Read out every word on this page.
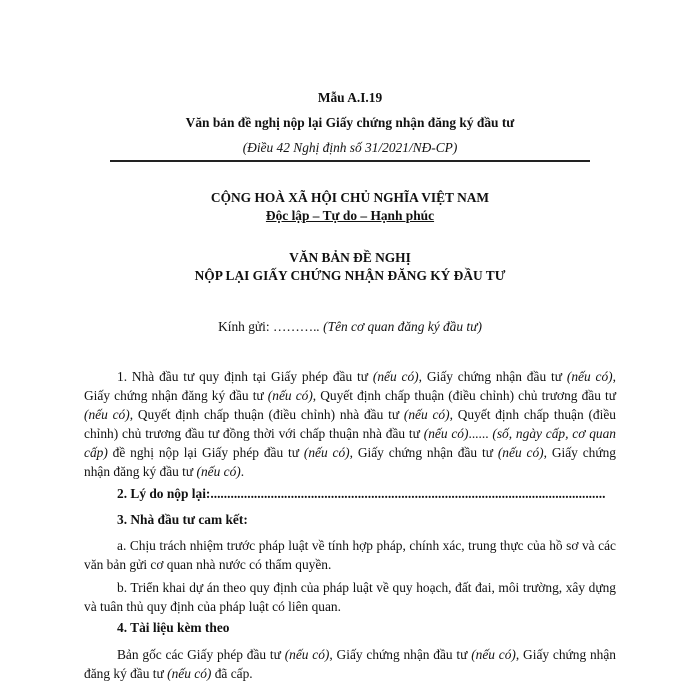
Mẫu A.I.19
Văn bản đề nghị nộp lại Giấy chứng nhận đăng ký đầu tư
(Điều 42 Nghị định số 31/2021/NĐ-CP)
CỘNG HOÀ XÃ HỘI CHỦ NGHĨA VIỆT NAM
Độc lập – Tự do – Hạnh phúc
VĂN BẢN ĐỀ NGHỊ
NỘP LẠI GIẤY CHỨNG NHẬN ĐĂNG KÝ ĐẦU TƯ
Kính gửi: ……….. (Tên cơ quan đăng ký đầu tư)
1. Nhà đầu tư quy định tại Giấy phép đầu tư (nếu có), Giấy chứng nhận đầu tư (nếu có), Giấy chứng nhận đăng ký đầu tư (nếu có), Quyết định chấp thuận (điều chỉnh) chủ trương đầu tư (nếu có), Quyết định chấp thuận (điều chỉnh) nhà đầu tư (nếu có), Quyết định chấp thuận (điều chỉnh) chủ trương đầu tư đồng thời với chấp thuận nhà đầu tư (nếu có)...... (số, ngày cấp, cơ quan cấp) đề nghị nộp lại Giấy phép đầu tư (nếu có), Giấy chứng nhận đầu tư (nếu có), Giấy chứng nhận đăng ký đầu tư (nếu có).
2. Lý do nộp lại:......................................................................................................................
3. Nhà đầu tư cam kết:
a. Chịu trách nhiệm trước pháp luật về tính hợp pháp, chính xác, trung thực của hồ sơ và các văn bản gửi cơ quan nhà nước có thẩm quyền.
b. Triển khai dự án theo quy định của pháp luật về quy hoạch, đất đai, môi trường, xây dựng và tuân thủ quy định của pháp luật có liên quan.
4. Tài liệu kèm theo
Bản gốc các Giấy phép đầu tư (nếu có), Giấy chứng nhận đầu tư (nếu có), Giấy chứng nhận đăng ký đầu tư (nếu có) đã cấp.
